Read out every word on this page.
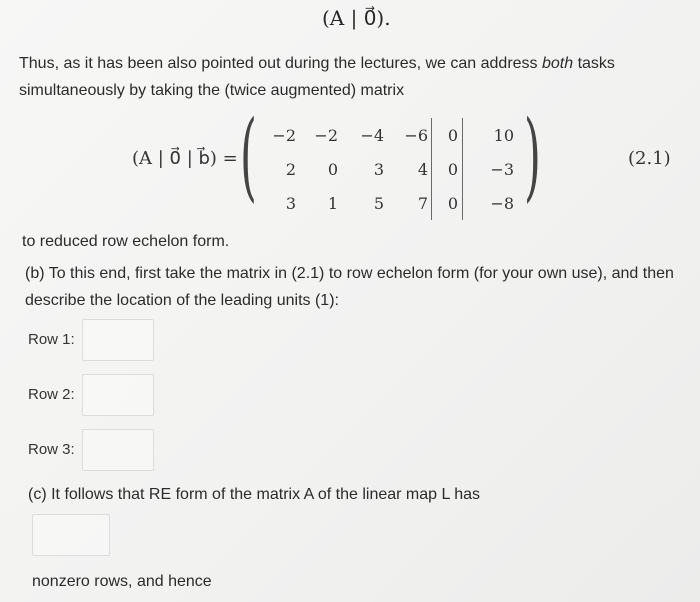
(A | 0⃗).
Thus, as it has been also pointed out during the lectures, we can address both tasks simultaneously by taking the (twice augmented) matrix
(A | 0⃗ | b⃗) = (	)
−2	−2	−4	−6		0			10
2	0	3	4		0			−3
3	1	5	7		0			−8
(2.1)
to reduced row echelon form.
(b) To this end, first take the matrix in (2.1) to row echelon form (for your own use), and then describe the location of the leading units (1):
Row 1:
Row 2:
Row 3:
(c) It follows that RE form of the matrix A of the linear map L has
nonzero rows, and hence
